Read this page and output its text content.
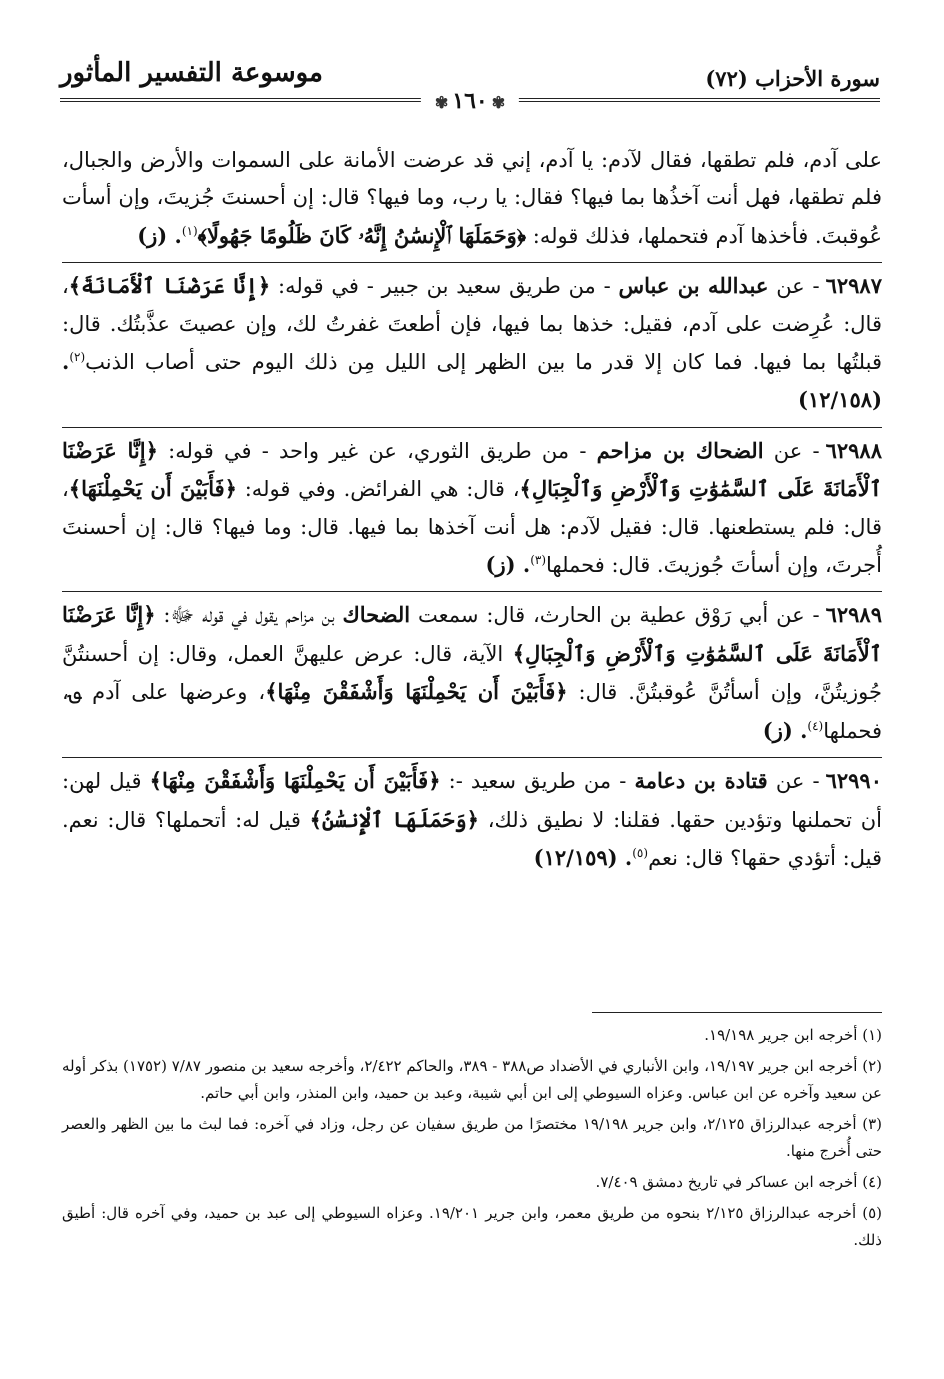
سورة الأحزاب (٧٢)
موسوعة التفسير المأثور
✾١٦٠✾

على آدم، فلم تطقها، فقال لآدم: يا آدم، إني قد عرضت الأمانة على السموات والأرض والجبال، فلم تطقها، فهل أنت آخذُها بما فيها؟ فقال: يا رب، وما فيها؟ قال: إن أحسنتَ جُزيتَ، وإن أسأت عُوقبتَ. فأخذها آدم فتحملها، فذلك قوله: ﴿وَحَمَلَهَا ٱلْإِنسَٰنُ إِنَّهُۥ كَانَ ظَلُومًا جَهُولًا﴾$^{(١)}$. (ز)

٦٢٩٨٧- عن عبدالله بن عباس - من طريق سعيد بن جبير - في قوله: ﴿إِنَّا عَرَضْنَا ٱلْأَمَانَةَ﴾، قال: عُرِضت على آدم، فقيل: خذها بما فيها، فإن أطعتَ غفرتُ لك، وإن عصيتَ عذَّبتُك. قال: قبلتُها بما فيها. فما كان إلا قدر ما بين الظهر إلى الليل مِن ذلك اليوم حتى أصاب الذنب$^{(٢)}$. (١٢/١٥٨)

٦٢٩٨٨- عن الضحاك بن مزاحم - من طريق الثوري، عن غير واحد - في قوله: ﴿إِنَّا عَرَضْنَا ٱلْأَمَانَةَ عَلَى ٱلسَّمَٰوَٰتِ وَٱلْأَرْضِ وَٱلْجِبَالِ﴾، قال: هي الفرائض. وفي قوله: ﴿فَأَبَيْنَ أَن يَحْمِلْنَهَا﴾، قال: فلم يستطعنها. قال: فقيل لآدم: هل أنت آخذها بما فيها. قال: وما فيها؟ قال: إن أحسنتَ أُجرتَ، وإن أسأتَ جُوزيتَ. قال: فحملها$^{(٣)}$. (ز)

٦٢٩٨٩- عن أبي رَوْق عطية بن الحارث، قال: سمعت الضحاك بن مزاحم يقول في قوله ﷻ: ﴿إِنَّا عَرَضْنَا ٱلْأَمَانَةَ عَلَى ٱلسَّمَٰوَٰتِ وَٱلْأَرْضِ وَٱلْجِبَالِ﴾ الآية، قال: عرض عليهنَّ العمل، وقال: إن أحسنتُنَّ جُوزيتُنَّ، وإن أسأتُنَّ عُوقبتُنَّ. قال: ﴿فَأَبَيْنَ أَن يَحْمِلْنَهَا وَأَشْفَقْنَ مِنْهَا﴾، وعرضها على آدم ؈، فحملها$^{(٤)}$. (ز)

٦٢٩٩٠- عن قتادة بن دعامة - من طريق سعيد -: ﴿فَأَبَيْنَ أَن يَحْمِلْنَهَا وَأَشْفَقْنَ مِنْهَا﴾ قيل لهن: أن تحملنها وتؤدين حقها. فقلنا: لا نطيق ذلك، ﴿وَحَمَلَهَا ٱلْإِنسَٰنُ﴾ قيل له: أتحملها؟ قال: نعم. قيل: أتؤدي حقها؟ قال: نعم$^{(٥)}$. (١٢/١٥٩)

(١) أخرجه ابن جرير ١٩/١٩٨.

(٢) أخرجه ابن جرير ١٩/١٩٧، وابن الأنباري في الأضداد ص٣٨٨ - ٣٨٩، والحاكم ٢/٤٢٢، وأخرجه سعيد بن منصور ٧/٨٧ (١٧٥٢) بذكر أوله عن سعيد وآخره عن ابن عباس. وعزاه السيوطي إلى ابن أبي شيبة، وعبد بن حميد، وابن المنذر، وابن أبي حاتم.

(٣) أخرجه عبدالرزاق ٢/١٢٥، وابن جرير ١٩/١٩٨ مختصرًا من طريق سفيان عن رجل، وزاد في آخره: فما لبث ما بين الظهر والعصر حتى أُخرج منها.

(٤) أخرجه ابن عساكر في تاريخ دمشق ٧/٤٠٩.

(٥) أخرجه عبدالرزاق ٢/١٢٥ بنحوه من طريق معمر، وابن جرير ١٩/٢٠١. وعزاه السيوطي إلى عبد بن حميد، وفي آخره قال: أطيق ذلك.
